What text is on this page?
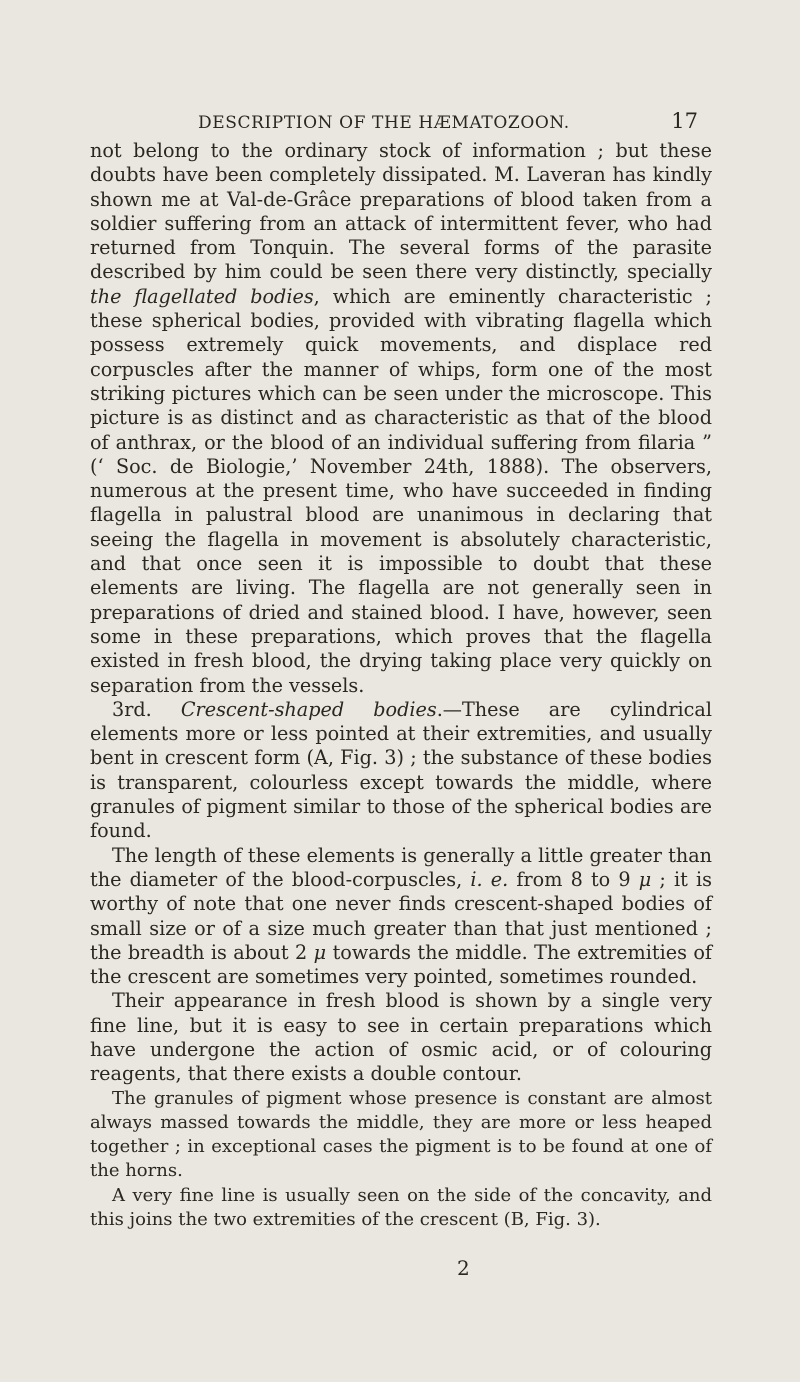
DESCRIPTION OF THE HÆMATOZOON.	17

not belong to the ordinary stock of information ; but these doubts have been completely dissipated. M. Laveran has kindly shown me at Val-de-Grâce preparations of blood taken from a soldier suffering from an attack of intermittent fever, who had returned from Tonquin. The several forms of the parasite described by him could be seen there very distinctly, specially the flagellated bodies, which are eminently characteristic ; these spherical bodies, provided with vibrating flagella which possess extremely quick movements, and displace red corpuscles after the manner of whips, form one of the most striking pictures which can be seen under the microscope. This picture is as distinct and as characteristic as that of the blood of anthrax, or the blood of an individual suffering from filaria ” (‘ Soc. de Biologie,’ November 24th, 1888). The observers, numerous at the present time, who have succeeded in finding flagella in palustral blood are unanimous in declaring that seeing the flagella in movement is absolutely characteristic, and that once seen it is impossible to doubt that these elements are living. The flagella are not generally seen in preparations of dried and stained blood. I have, however, seen some in these preparations, which proves that the flagella existed in fresh blood, the drying taking place very quickly on separation from the vessels.

3rd. Crescent-shaped bodies.—These are cylindrical elements more or less pointed at their extremities, and usually bent in crescent form (A, Fig. 3) ; the substance of these bodies is transparent, colourless except towards the middle, where granules of pigment similar to those of the spherical bodies are found.

The length of these elements is generally a little greater than the diameter of the blood-corpuscles, i. e. from 8 to 9 μ ; it is worthy of note that one never finds crescent-shaped bodies of small size or of a size much greater than that just mentioned ; the breadth is about 2 μ towards the middle. The extremities of the crescent are sometimes very pointed, sometimes rounded.

Their appearance in fresh blood is shown by a single very fine line, but it is easy to see in certain preparations which have undergone the action of osmic acid, or of colouring reagents, that there exists a double contour.

The granules of pigment whose presence is constant are almost always massed towards the middle, they are more or less heaped together ; in exceptional cases the pigment is to be found at one of the horns.

A very fine line is usually seen on the side of the concavity, and this joins the two extremities of the crescent (B, Fig. 3).

2
